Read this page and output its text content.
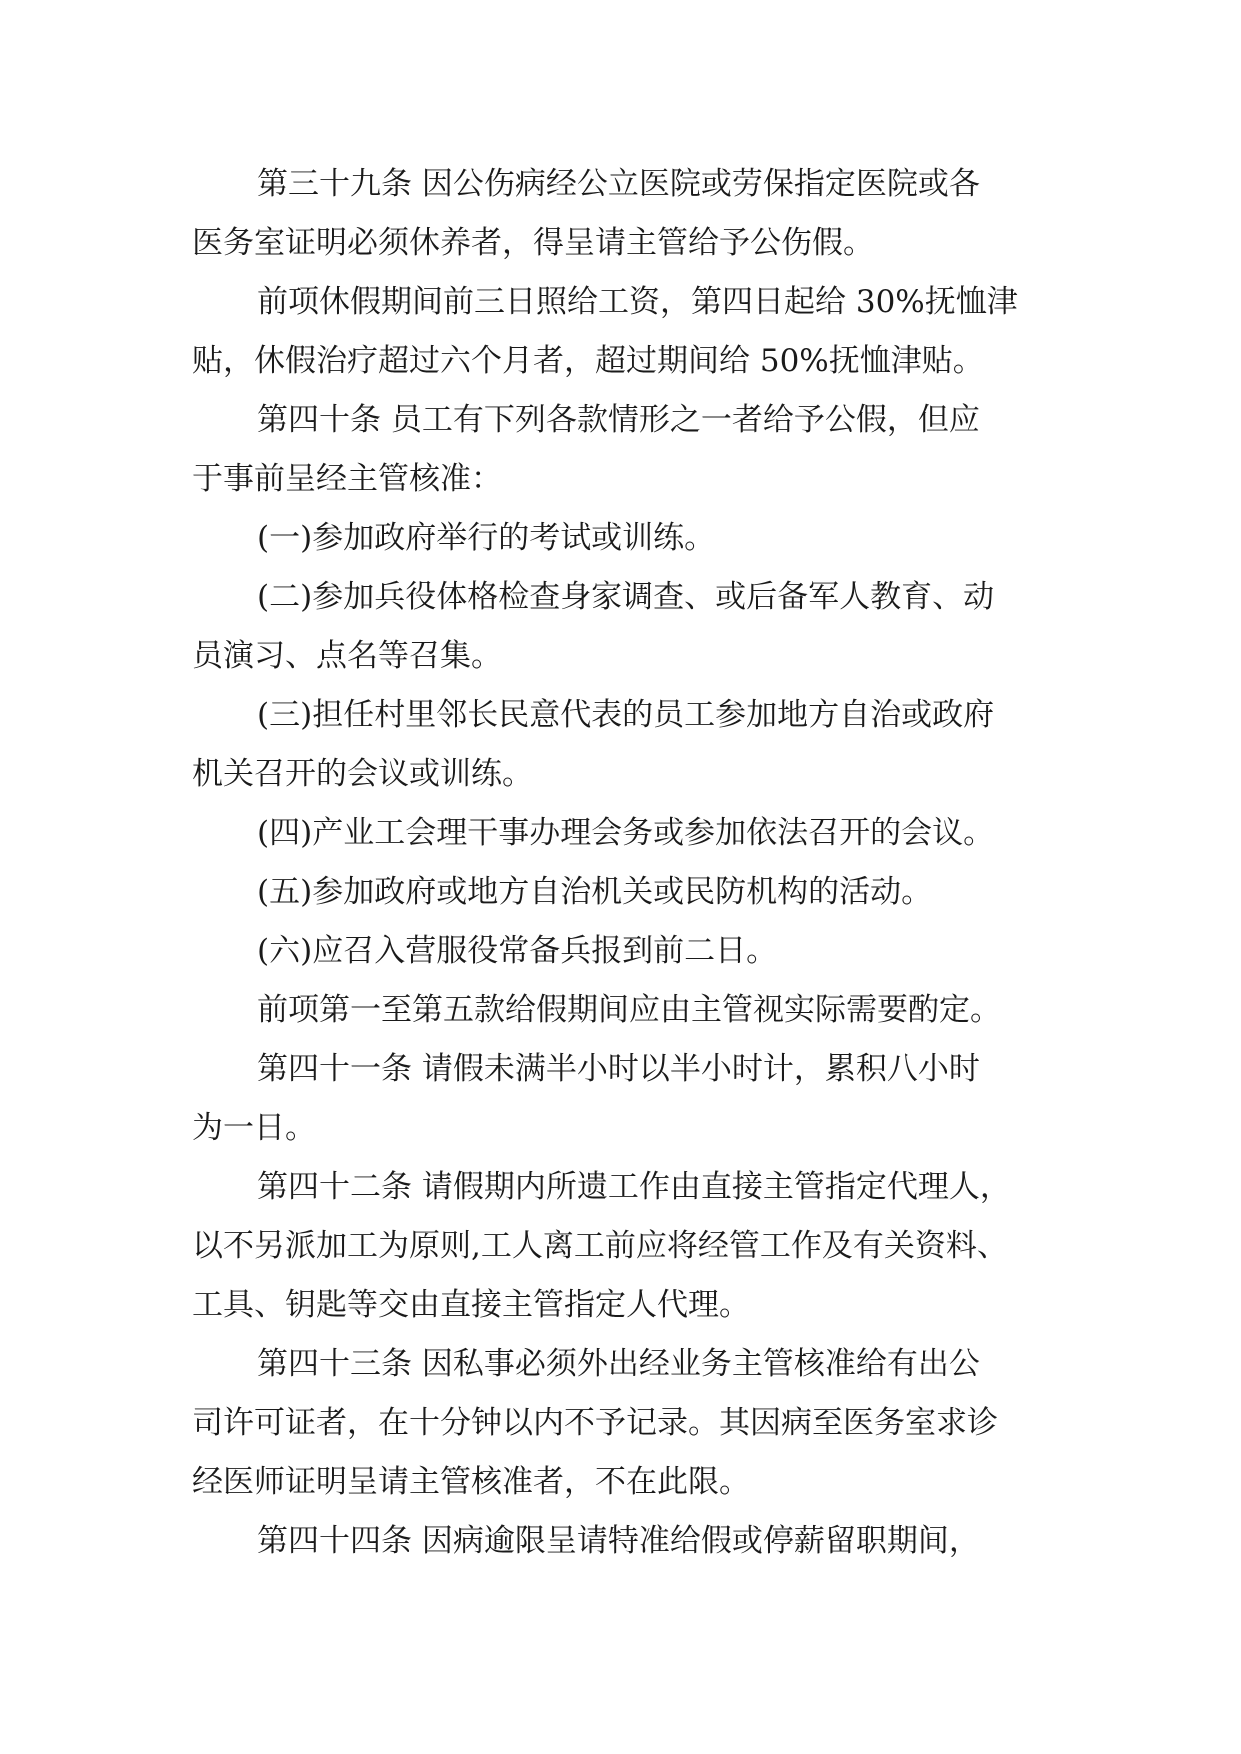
第三十九条 因公伤病经公立医院或劳保指定医院或各
医务室证明必须休养者，得呈请主管给予公伤假。
前项休假期间前三日照给工资，第四日起给 30%抚恤津
贴，休假治疗超过六个月者，超过期间给 50%抚恤津贴。
第四十条 员工有下列各款情形之一者给予公假，但应
于事前呈经主管核准：
(一)参加政府举行的考试或训练。
(二)参加兵役体格检查身家调查、或后备军人教育、动
员演习、点名等召集。
(三)担任村里邻长民意代表的员工参加地方自治或政府
机关召开的会议或训练。
(四)产业工会理干事办理会务或参加依法召开的会议。
(五)参加政府或地方自治机关或民防机构的活动。
(六)应召入营服役常备兵报到前二日。
前项第一至第五款给假期间应由主管视实际需要酌定。
第四十一条 请假未满半小时以半小时计，累积八小时
为一日。
第四十二条 请假期内所遗工作由直接主管指定代理人，
以不另派加工为原则,工人离工前应将经管工作及有关资料、
工具、钥匙等交由直接主管指定人代理。
第四十三条 因私事必须外出经业务主管核准给有出公
司许可证者，在十分钟以内不予记录。其因病至医务室求诊
经医师证明呈请主管核准者，不在此限。
第四十四条 因病逾限呈请特准给假或停薪留职期间，
